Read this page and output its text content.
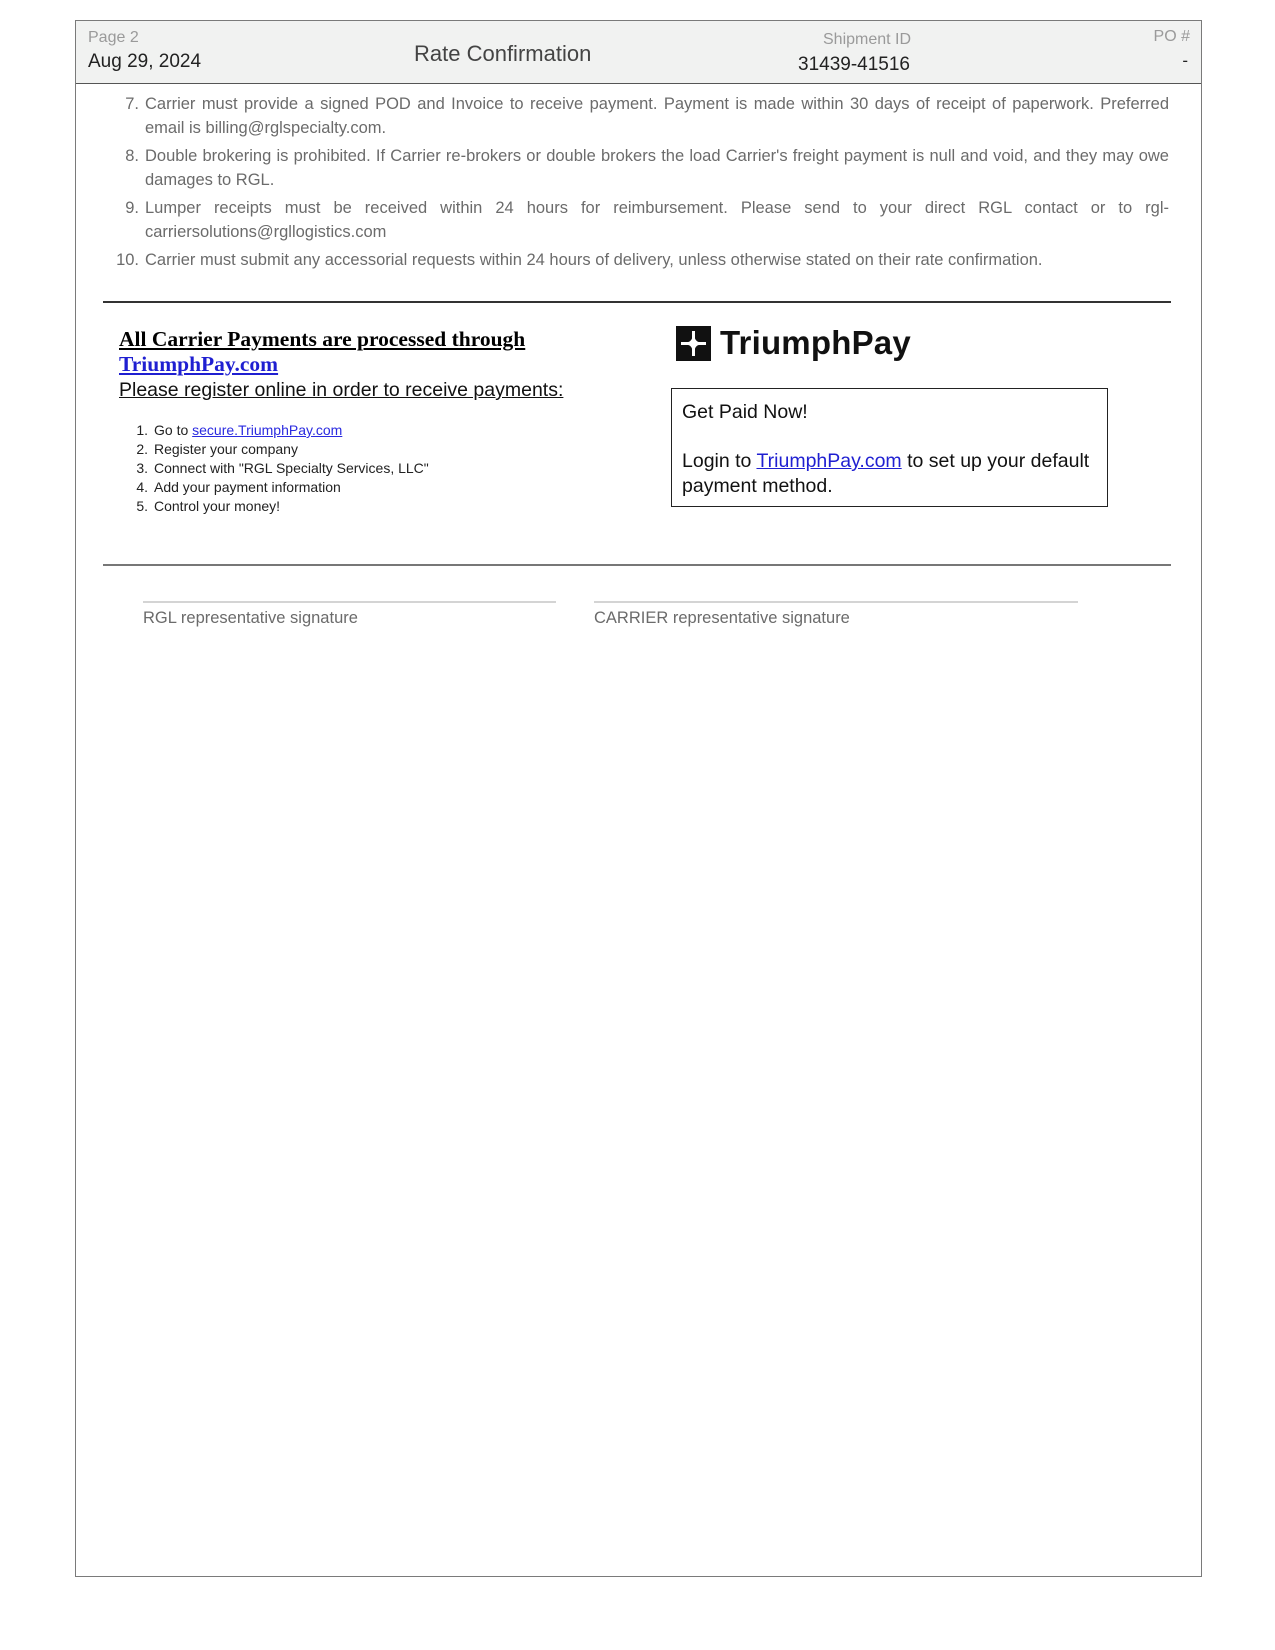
Page 2
Aug 29, 2024	Rate Confirmation
Shipment ID
31439-41516
PO #
-
7. Carrier must provide a signed POD and Invoice to receive payment. Payment is made within 30 days of receipt of paperwork. Preferred email is billing@rglspecialty.com.
8. Double brokering is prohibited. If Carrier re-brokers or double brokers the load Carrier's freight payment is null and void, and they may owe damages to RGL.
9. Lumper receipts must be received within 24 hours for reimbursement. Please send to your direct RGL contact or to rgl-carriersolutions@rgllogistics.com
10. Carrier must submit any accessorial requests within 24 hours of delivery, unless otherwise stated on their rate confirmation.
All Carrier Payments are processed through
TriumphPay.com
Please register online in order to receive payments:
1. Go to secure.TriumphPay.com
2. Register your company
3. Connect with "RGL Specialty Services, LLC"
4. Add your payment information
5. Control your money!
TriumphPay
Get Paid Now!
Login to TriumphPay.com to set up your default payment method.
RGL representative signature	CARRIER representative signature
